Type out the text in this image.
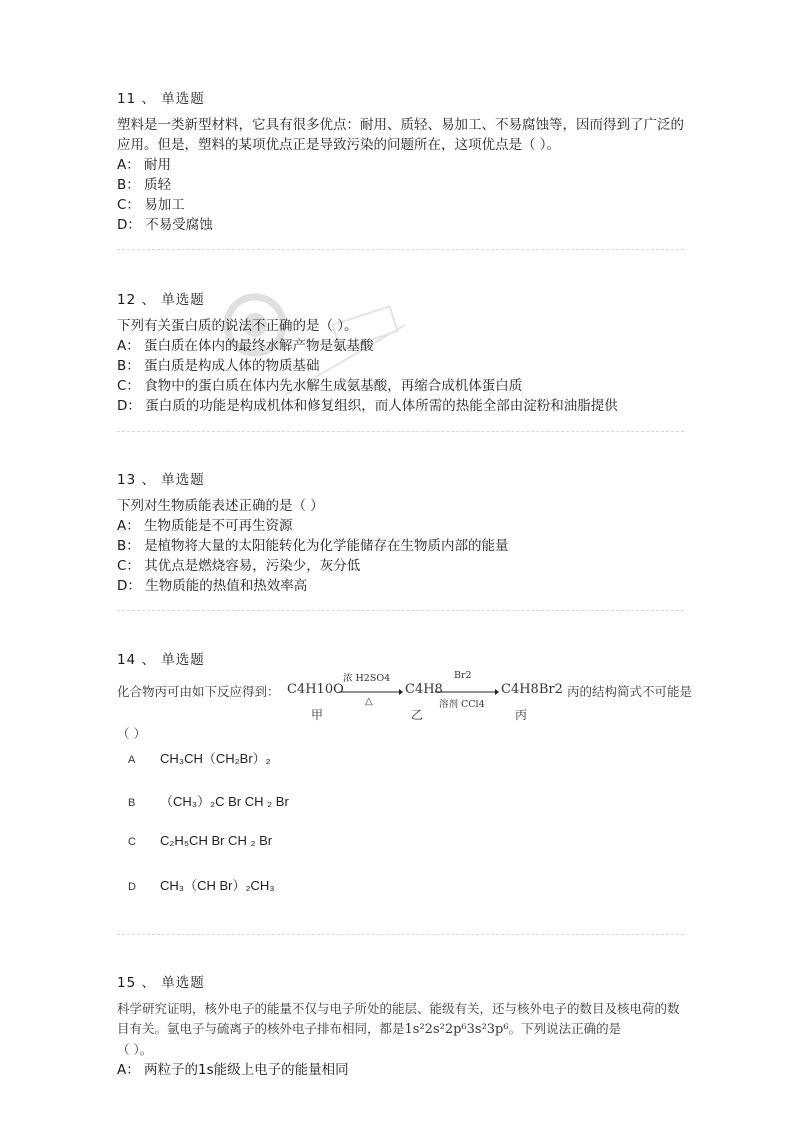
11 、 单选题
塑料是一类新型材料，它具有很多优点：耐用、质轻、易加工、不易腐蚀等，因而得到了广泛的应用。但是，塑料的某项优点正是导致污染的问题所在，这项优点是（ ）。
A： 耐用
B： 质轻
C： 易加工
D： 不易受腐蚀
12 、 单选题
下列有关蛋白质的说法不正确的是（ ）。
A： 蛋白质在体内的最终水解产物是氨基酸
B： 蛋白质是构成人体的物质基础
C： 食物中的蛋白质在体内先水解生成氨基酸，再缩合成机体蛋白质
D： 蛋白质的功能是构成机体和修复组织，而人体所需的热能全部由淀粉和油脂提供
13 、 单选题
下列对生物质能表述正确的是（ ）
A： 生物质能是不可再生资源
B： 是植物将大量的太阳能转化为化学能储存在生物质内部的能量
C： 其优点是燃烧容易，污染少，灰分低
D： 生物质能的热值和热效率高
14 、 单选题
化合物丙可由如下反应得到： C4H10O
浓 H2SO4
△
C4H8
Br2
溶剂 CCl4
C4H8Br2 丙的结构简式不可能是
甲	乙	丙
（ ）
A CH₃CH（CH₂Br）₂
B （CH₃）₂C Br CH ₂ Br
C C₂H₅CH Br CH ₂ Br
D CH₃（CH Br）₂CH₃
15 、 单选题
科学研究证明，核外电子的能量不仅与电子所处的能层、能级有关，还与核外电子的数目及核电荷的数目有关。氩电子与硫离子的核外电子排布相同，都是1s²2s²2p⁶3s²3p⁶。下列说法正确的是
（ ）。
A： 两粒子的1s能级上电子的能量相同
